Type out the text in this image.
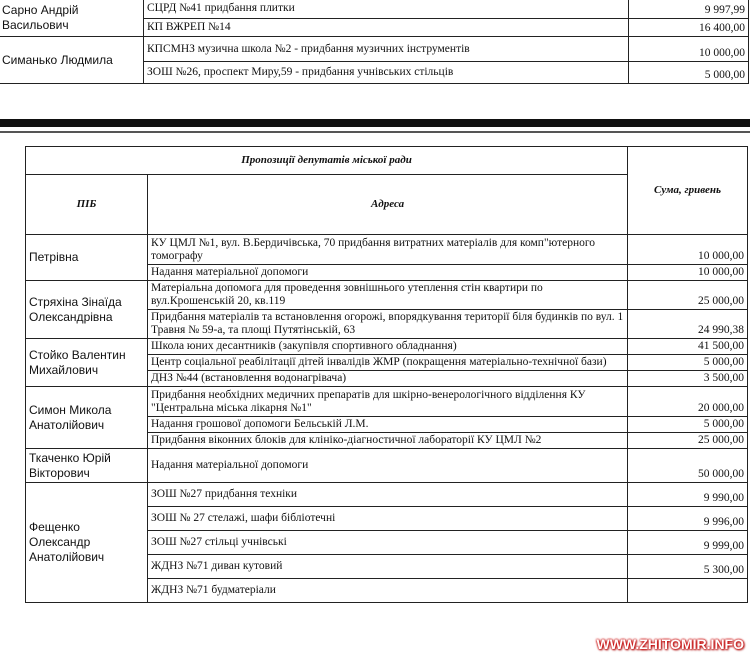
Сарно Андрій Васильович	СЦРД №41 придбання плитки	9 997,99
	КП ВЖРЕП №14	16 400,00
Симанько Людмила	КПСМНЗ музична школа №2 - придбання музичних інструментів	10 000,00
	ЗОШ №26, проспект Миру,59 - придбання учнівських стільців	5 000,00
Пропозиції депутатів міської ради		Сума, гривень
ПІБ	Адреса	
Петрівна	КУ ЦМЛ №1, вул. В.Бердичівська, 70 придбання витратних матеріалів для комп"ютерного томографу	10 000,00
	Надання матеріальної допомоги	10 000,00
Стряхіна Зінаїда Олександрівна	Матеріальна допомога для проведення зовнішнього утеплення стін квартири по вул.Крошенській 20, кв.119	25 000,00
	Придбання матеріалів та встановлення огорожі, впорядкування території біля будинків по вул. 1 Травня № 59-а, та площі Путятінській, 63	24 990,38
Стойко Валентин Михайлович	Школа юних десантників (закупівля спортивного обладнання)	41 500,00
	Центр соціальної реабілітації дітей інвалідів ЖМР (покращення матеріально-технічної бази)	5 000,00
	ДНЗ №44 (встановлення водонагрівача)	3 500,00
Симон Микола Анатолійович	Придбання необхідних медичних препаратів для шкірно-венерологічного відділення КУ "Центральна міська лікарня №1"	20 000,00
	Надання грошової допомоги Бельській Л.М.	5 000,00
	Придбання віконних блоків для клініко-діагностичної лабораторії КУ ЦМЛ №2	25 000,00
Ткаченко Юрій Вікторович	Надання матеріальної допомоги	50 000,00
Фещенко Олександр Анатолійович	ЗОШ №27 придбання техніки	9 990,00
	ЗОШ № 27 стелажі, шафи бібліотечні	9 996,00
	ЗОШ №27 стільці учнівські	9 999,00
	ЖДНЗ №71 диван кутовий	5 300,00
	ЖДНЗ №71 будматеріали	
WWW.ZHITOMIR.INFO
